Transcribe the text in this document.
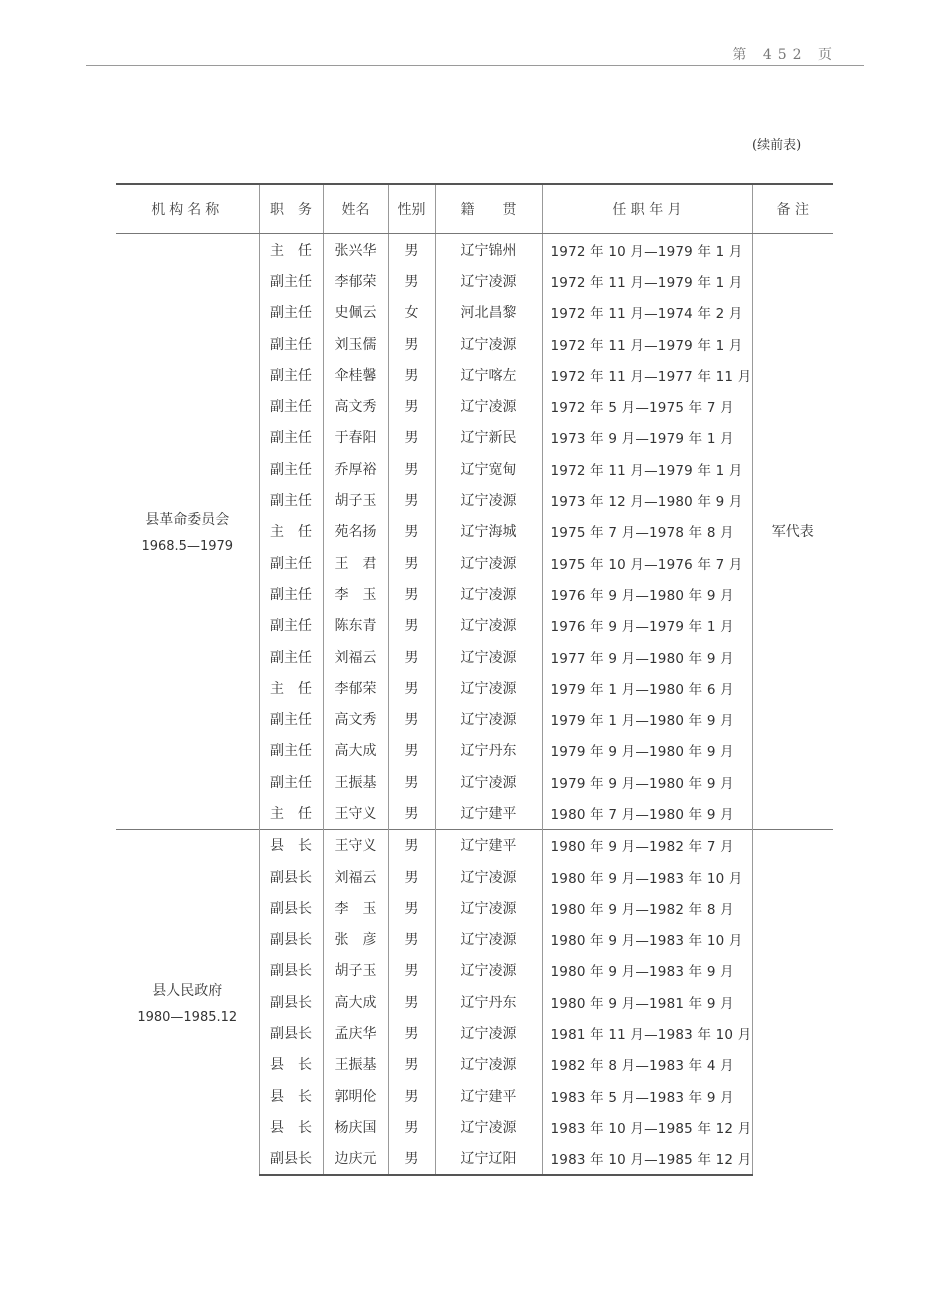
第 452 页
(续前表)
机构名称	职　务	姓名	性别	籍　　贯	任 职 年 月	备 注

县革命委员会
1968.5—1979	主　任	张兴华	男	辽宁锦州	1972 年 10 月—1979 年 1 月	军代表
	副主任	李郁荣	男	辽宁凌源	1972 年 11 月—1979 年 1 月	
	副主任	史佩云	女	河北昌黎	1972 年 11 月—1974 年 2 月	
	副主任	刘玉儒	男	辽宁凌源	1972 年 11 月—1979 年 1 月	
	副主任	伞桂馨	男	辽宁喀左	1972 年 11 月—1977 年 11 月	
	副主任	高文秀	男	辽宁凌源	1972 年 5 月—1975 年 7 月	
	副主任	于春阳	男	辽宁新民	1973 年 9 月—1979 年 1 月	
	副主任	乔厚裕	男	辽宁宽甸	1972 年 11 月—1979 年 1 月	
	副主任	胡子玉	男	辽宁凌源	1973 年 12 月—1980 年 9 月	
	主　任	苑名扬	男	辽宁海城	1975 年 7 月—1978 年 8 月	
	副主任	王　君	男	辽宁凌源	1975 年 10 月—1976 年 7 月	
	副主任	李　玉	男	辽宁凌源	1976 年 9 月—1980 年 9 月	
	副主任	陈东青	男	辽宁凌源	1976 年 9 月—1979 年 1 月	
	副主任	刘福云	男	辽宁凌源	1977 年 9 月—1980 年 9 月	
	主　任	李郁荣	男	辽宁凌源	1979 年 1 月—1980 年 6 月	
	副主任	高文秀	男	辽宁凌源	1979 年 1 月—1980 年 9 月	
	副主任	高大成	男	辽宁丹东	1979 年 9 月—1980 年 9 月	
	副主任	王振基	男	辽宁凌源	1979 年 9 月—1980 年 9 月	
	主　任	王守义	男	辽宁建平	1980 年 7 月—1980 年 9 月	

县人民政府
1980—1985.12	县　长	王守义	男	辽宁建平	1980 年 9 月—1982 年 7 月	
	副县长	刘福云	男	辽宁凌源	1980 年 9 月—1983 年 10 月	
	副县长	李　玉	男	辽宁凌源	1980 年 9 月—1982 年 8 月	
	副县长	张　彦	男	辽宁凌源	1980 年 9 月—1983 年 10 月	
	副县长	胡子玉	男	辽宁凌源	1980 年 9 月—1983 年 9 月	
	副县长	高大成	男	辽宁丹东	1980 年 9 月—1981 年 9 月	
	副县长	孟庆华	男	辽宁凌源	1981 年 11 月—1983 年 10 月	
	县　长	王振基	男	辽宁凌源	1982 年 8 月—1983 年 4 月	
	县　长	郭明伦	男	辽宁建平	1983 年 5 月—1983 年 9 月	
	县　长	杨庆国	男	辽宁凌源	1983 年 10 月—1985 年 12 月	
	副县长	边庆元	男	辽宁辽阳	1983 年 10 月—1985 年 12 月	
